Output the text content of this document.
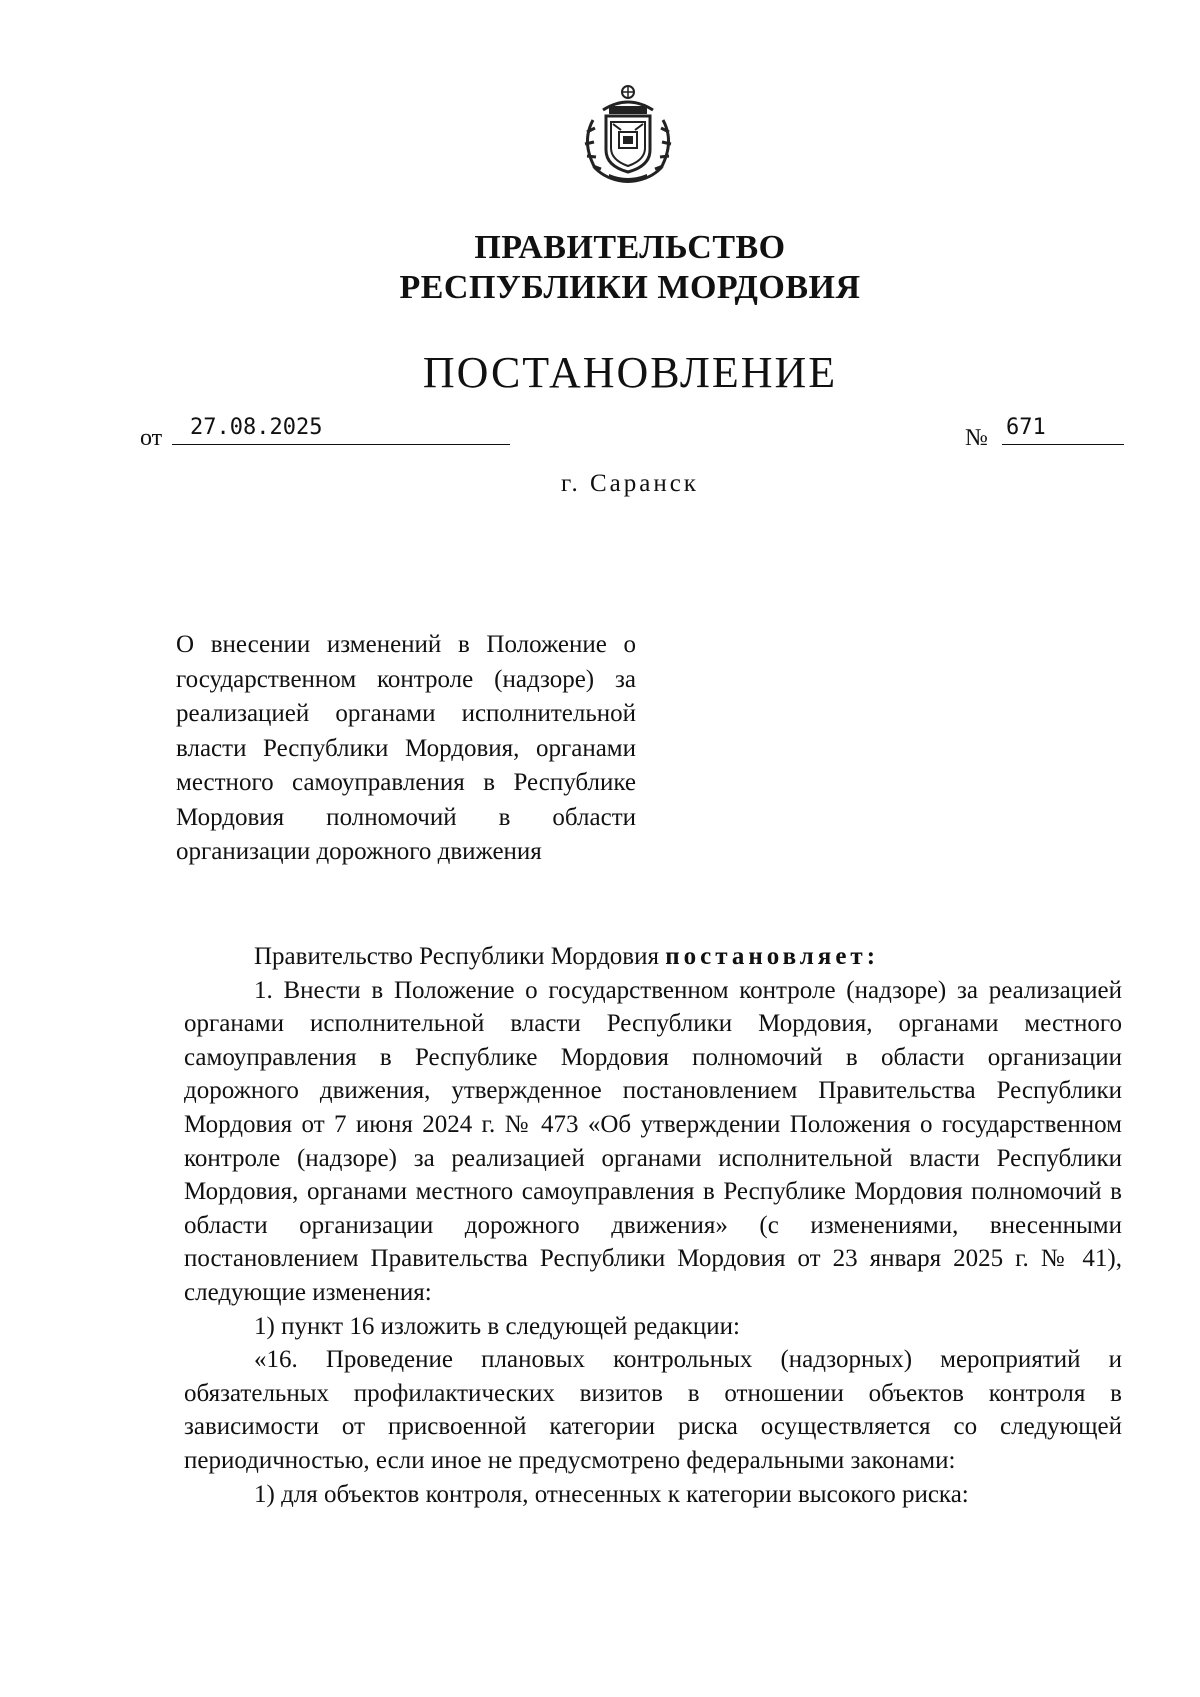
ПРАВИТЕЛЬСТВО
РЕСПУБЛИКИ МОРДОВИЯ
ПОСТАНОВЛЕНИЕ
от	27.08.2025	№ 671
г. Саранск
О внесении изменений в Положение о государственном контроле (надзоре) за реализацией органами исполнительной власти Республики Мордовия, органами местного самоуправления в Республике Мордовия полномочий в области организации дорожного движения

Правительство Республики Мордовия постановляет:

1. Внести в Положение о государственном контроле (надзоре) за реализацией органами исполнительной власти Республики Мордовия, органами местного самоуправления в Республике Мордовия полномочий в области организации дорожного движения, утвержденное постановлением Правительства Республики Мордовия от 7 июня 2024 г. № 473 «Об утверждении Положения о государственном контроле (надзоре) за реализацией органами исполнительной власти Республики Мордовия, органами местного самоуправления в Республике Мордовия полномочий в области организации дорожного движения» (с изменениями, внесенными постановлением Правительства Республики Мордовия от 23 января 2025 г. № 41), следующие изменения:

1) пункт 16 изложить в следующей редакции:

«16. Проведение плановых контрольных (надзорных) мероприятий и обязательных профилактических визитов в отношении объектов контроля в зависимости от присвоенной категории риска осуществляется со следующей периодичностью, если иное не предусмотрено федеральными законами:

1) для объектов контроля, отнесенных к категории высокого риска:
